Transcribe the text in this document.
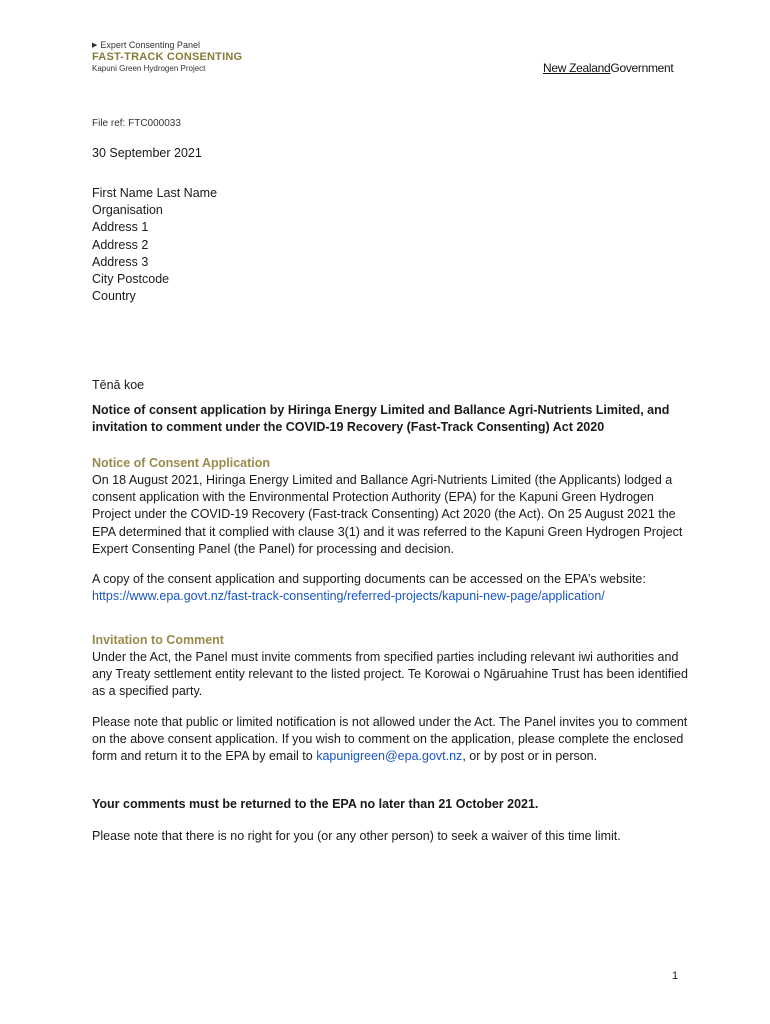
▶ Expert Consenting Panel
FAST-TRACK CONSENTING
Kapuni Green Hydrogen Project	New ZealandGovernment
File ref: FTC000033
30 September 2021
First Name Last Name
Organisation
Address 1
Address 2
Address 3
City Postcode
Country
Tēnā koe
Notice of consent application by Hiringa Energy Limited and Ballance Agri-Nutrients Limited, and invitation to comment under the COVID-19 Recovery (Fast-Track Consenting) Act 2020
Notice of Consent Application
On 18 August 2021, Hiringa Energy Limited and Ballance Agri-Nutrients Limited (the Applicants) lodged a consent application with the Environmental Protection Authority (EPA) for the Kapuni Green Hydrogen Project under the COVID-19 Recovery (Fast-track Consenting) Act 2020 (the Act). On 25 August 2021 the EPA determined that it complied with clause 3(1) and it was referred to the Kapuni Green Hydrogen Project Expert Consenting Panel (the Panel) for processing and decision.
A copy of the consent application and supporting documents can be accessed on the EPA’s website:
https://www.epa.govt.nz/fast-track-consenting/referred-projects/kapuni-new-page/application/
Invitation to Comment
Under the Act, the Panel must invite comments from specified parties including relevant iwi authorities and any Treaty settlement entity relevant to the listed project. Te Korowai o Ngāruahine Trust has been identified as a specified party.
Please note that public or limited notification is not allowed under the Act. The Panel invites you to comment on the above consent application. If you wish to comment on the application, please complete the enclosed form and return it to the EPA by email to kapunigreen@epa.govt.nz, or by post or in person.
Your comments must be returned to the EPA no later than 21 October 2021.
Please note that there is no right for you (or any other person) to seek a waiver of this time limit.
1
